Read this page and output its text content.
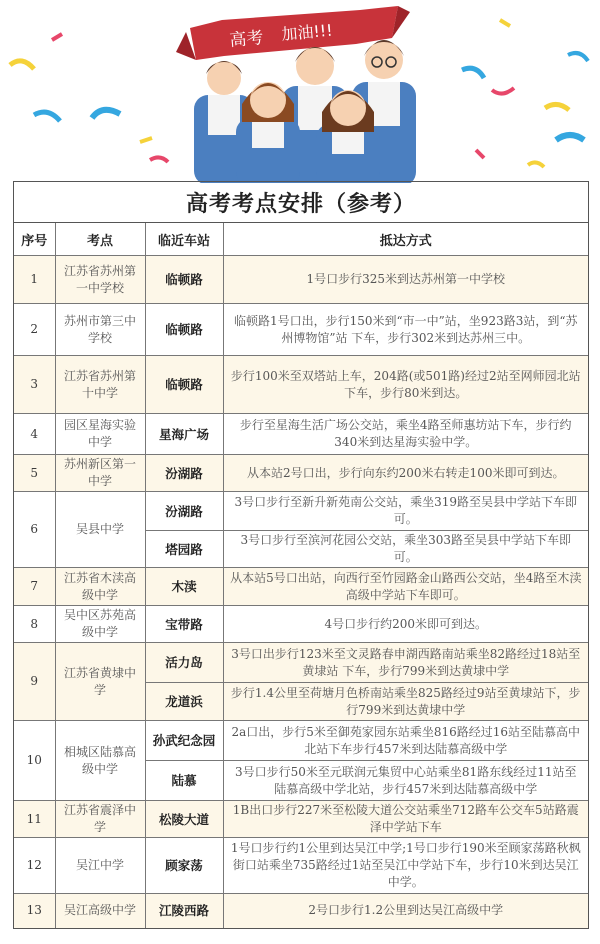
高考 加油!!!
高考考点安排（参考）
序号	考点	临近车站	抵达方式
1	江苏省苏州第一中学校	临顿路	1号口步行325米到达苏州第一中学校
2	苏州市第三中学校	临顿路	临顿路1号口出，步行150米到“市一中”站，坐923路3站，到“苏州博物馆”站 下车，步行302米到达苏州三中。
3	江苏省苏州第十中学	临顿路	步行100米至双塔站上车，204路(或501路)经过2站至网师园北站下车，步行80米到达。
4	园区星海实验中学	星海广场	步行至星海生活广场公交站，乘坐4路至师惠坊站下车，步行约340米到达星海实验中学。
5	苏州新区第一中学	汾湖路	从本站2号口出，步行向东约200米右转走100米即可到达。
6	吴县中学	汾湖路	3号口步行至新升新苑南公交站，乘坐319路至吴县中学站下车即可。
		塔园路	3号口步行至滨河花园公交站，乘坐303路至吴县中学站下车即可。
7	江苏省木渎高级中学	木渎	从本站5号口出站，向西行至竹园路金山路西公交站，坐4路至木渎高级中学站下车即可。
8	吴中区苏苑高级中学	宝带路	4号口步行约200米即可到达。
9	江苏省黄埭中学	活力岛	3号口出步行123米至文灵路春申湖西路南站乘坐82路经过18站至黄埭站 下车，步行799米到达黄埭中学
		龙道浜	步行1.4公里至荷塘月色桥南站乘坐825路经过9站至黄埭站下，步行799米到达黄埭中学
10	相城区陆慕高级中学	孙武纪念园	2a口出，步行5米至御苑家园东站乘坐816路经过16站至陆慕高中北站下车步行457米到达陆慕高级中学
		陆慕	3号口步行50米至元联润元集贸中心站乘坐81路东线经过11站至陆慕高级中学北站，步行457米到达陆慕高级中学
11	江苏省震泽中学	松陵大道	1B出口步行227米至松陵大道公交站乘坐712路车公交车5站路震泽中学站下车
12	吴江中学	顾家荡	1号口步行约1公里到达吴江中学;1号口步行190米至顾家荡路秋枫街口站乘坐735路经过1站至吴江中学站下车，步行10米到达吴江中学。
13	吴江高级中学	江陵西路	2号口步行1.2公里到达吴江高级中学
